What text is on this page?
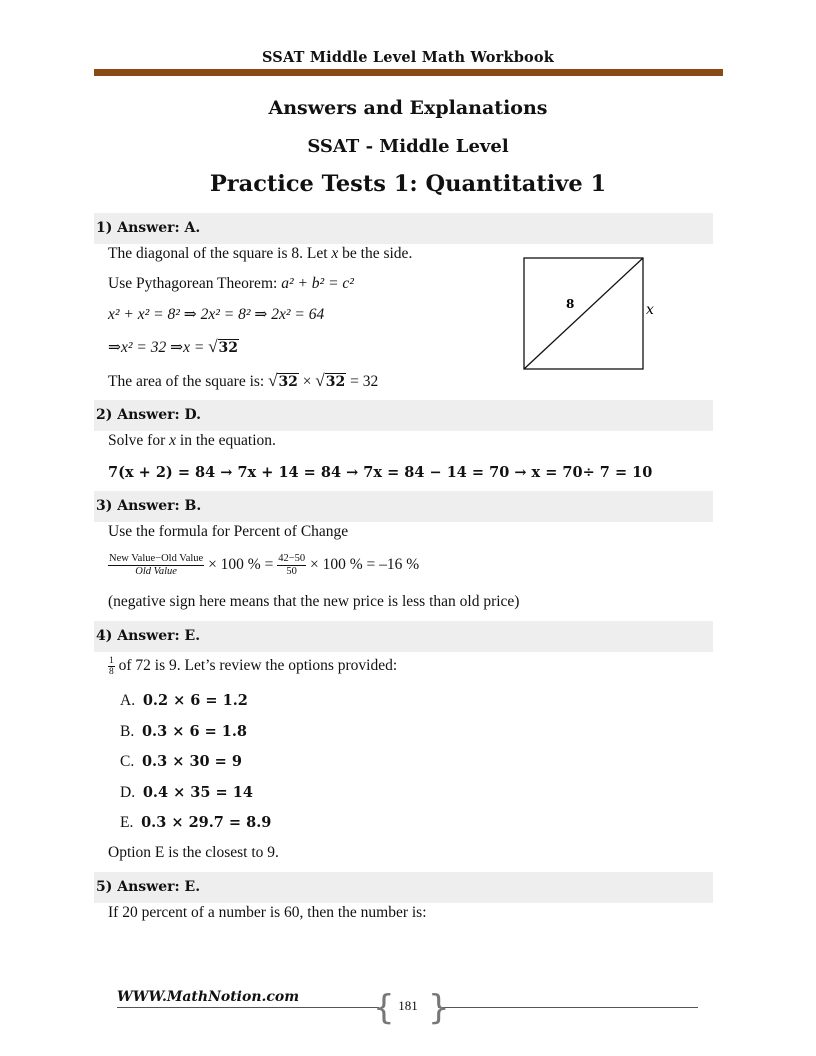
SSAT Middle Level Math Workbook
Answers and Explanations
SSAT - Middle Level
Practice Tests 1: Quantitative 1
1) Answer: A.
The diagonal of the square is 8. Let x be the side.
Use Pythagorean Theorem: a² + b² = c²
x² + x² = 8² ⇒ 2x² = 8² ⇒ 2x² = 64
⇒x² = 32 ⇒x = √32
The area of the square is: √32 × √32 = 32
8	x
2) Answer: D.
Solve for x in the equation.
7(x + 2) = 84 → 7x + 14 = 84 → 7x = 84 − 14 = 70 → x = 70÷ 7 = 10
3) Answer: B.
Use the formula for Percent of Change
$\frac{\text{New Value−Old Value}}{\text{Old Value}} \times 100$ % = $\frac{42-50}{50} \times 100$ % = –16 %
(negative sign here means that the new price is less than old price)
4) Answer: E.
$\frac{1}{8}$ of 72 is 9. Let’s review the options provided:
A. 0.2 × 6 = 1.2
B. 0.3 × 6 = 1.8
C. 0.3 × 30 = 9
D. 0.4 × 35 = 14
E. 0.3 × 29.7 = 8.9
Option E is the closest to 9.
5) Answer: E.
If 20 percent of a number is 60, then the number is:
WWW.MathNotion.com { 181 }
